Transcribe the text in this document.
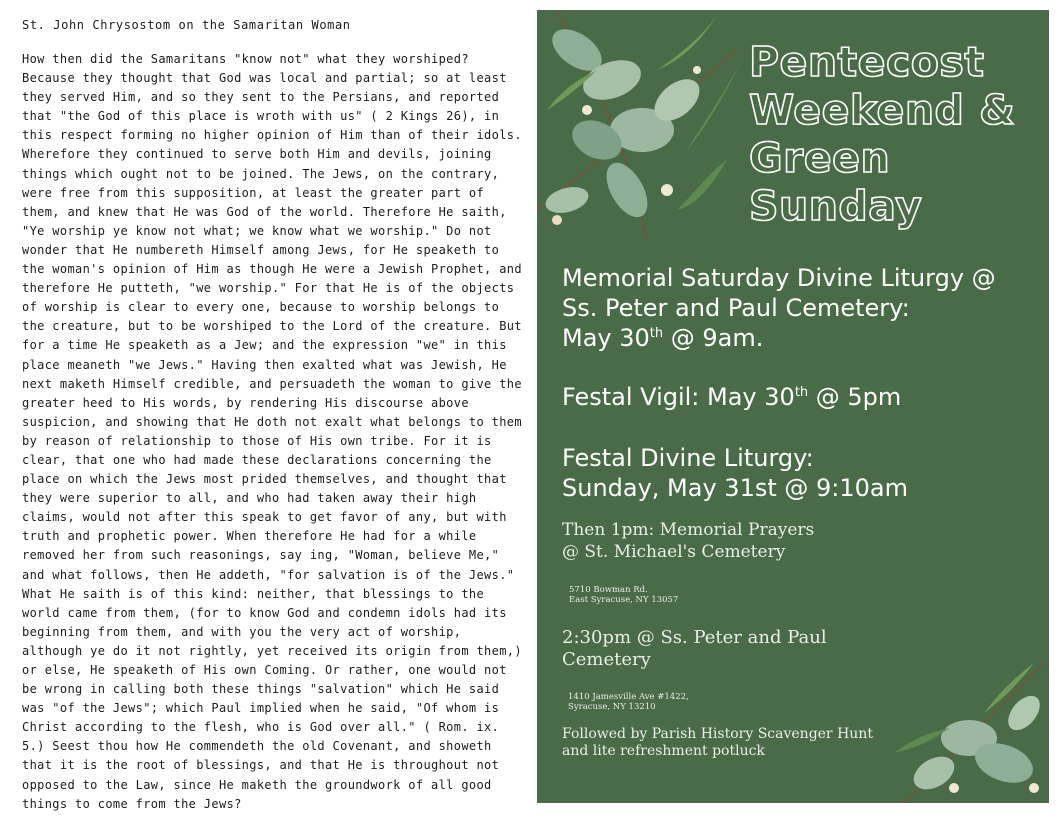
St. John Chrysostom on the Samaritan Woman

How then did the Samaritans "know not" what they worshiped? Because they thought that God was local and partial; so at least they served Him, and so they sent to the Persians, and reported that "the God of this place is wroth with us" ( 2 Kings 26), in this respect forming no higher opinion of Him than of their idols. Wherefore they continued to serve both Him and devils, joining things which ought not to be joined. The Jews, on the contrary, were free from this supposition, at least the greater part of them, and knew that He was God of the world. Therefore He saith, "Ye worship ye know not what; we know what we worship." Do not wonder that He numbereth Himself among Jews, for He speaketh to the woman's opinion of Him as though He were a Jewish Prophet, and therefore He putteth, "we worship." For that He is of the objects of worship is clear to every one, because to worship belongs to the creature, but to be worshiped to the Lord of the creature. But for a time He speaketh as a Jew; and the expression "we" in this place meaneth "we Jews." Having then exalted what was Jewish, He next maketh Himself credible, and persuadeth the woman to give the greater heed to His words, by rendering His discourse above suspicion, and showing that He doth not exalt what belongs to them by reason of relationship to those of His own tribe. For it is clear, that one who had made these declarations concerning the place on which the Jews most prided themselves, and thought that they were superior to all, and who had taken away their high claims, would not after this speak to get favor of any, but with truth and prophetic power. When therefore He had for a while removed her from such reasonings, say ing, "Woman, believe Me," and what follows, then He addeth, "for salvation is of the Jews." What He saith is of this kind: neither, that blessings to the world came from them, (for to know God and condemn idols had its beginning from them, and with you the very act of worship, although ye do it not rightly, yet received its origin from them,) or else, He speaketh of His own Coming. Or rather, one would not be wrong in calling both these things "salvation" which He said was "of the Jews"; which Paul implied when he said, "Of whom is Christ according to the flesh, who is God over all." ( Rom. ix. 5.) Seest thou how He commendeth the old Covenant, and showeth that it is the root of blessings, and that He is throughout not opposed to the Law, since He maketh the groundwork of all good things to come from the Jews?

Pentecost
Weekend &
Green
Sunday
Memorial Saturday Divine Liturgy @
Ss. Peter and Paul Cemetery:
May 30th @ 9am.
Festal Vigil: May 30th @ 5pm
Festal Divine Liturgy:
Sunday, May 31st @ 9:10am
Then 1pm: Memorial Prayers
@ St. Michael's Cemetery
5710 Bowman Rd.
East Syracuse, NY 13057
2:30pm @ Ss. Peter and Paul
Cemetery
1410 Jamesville Ave #1422,
Syracuse, NY 13210
Followed by Parish History Scavenger Hunt
and lite refreshment potluck
